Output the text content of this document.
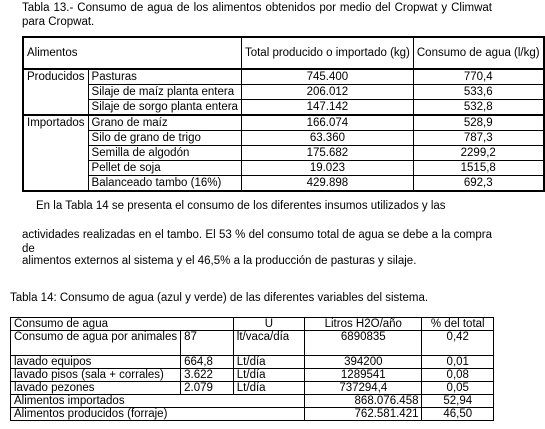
Tabla 13.- Consumo de agua de los alimentos obtenidos por medio del Cropwat y Climwat para Cropwat.
Alimentos		Total producido o importado (kg)	Consumo de agua (l/kg)
Producidos	Pasturas	745.400	770,4
	Silaje de maíz planta entera	206.012	533,6
	Silaje de sorgo planta entera	147.142	532,8
Importados	Grano de maíz	166.074	528,9
	Silo de grano de trigo	63.360	787,3
	Semilla de algodón	175.682	2299,2
	Pellet de soja	19.023	1515,8
	Balanceado tambo (16%)	429.898	692,3
En la Tabla 14 se presenta el consumo de los diferentes insumos utilizados y las
actividades realizadas en el tambo. El 53 % del consumo total de agua se debe a la compra de
alimentos externos al sistema y el 46,5% a la producción de pasturas y silaje.
Tabla 14: Consumo de agua (azul y verde) de las diferentes variables del sistema.
Consumo de agua		U	Litros H2O/año	% del total
Consumo de agua por animales	87	lt/vaca/día	6890835	0,42
lavado equipos	664,8	Lt/día	394200	0,01
lavado pisos (sala + corrales)	3.622	Lt/día	1289541	0,08
lavado pezones	2.079	Lt/día	737294,4	0,05
Alimentos importados			868.076.458	52,94
Alimentos producidos (forraje)			762.581.421	46,50
